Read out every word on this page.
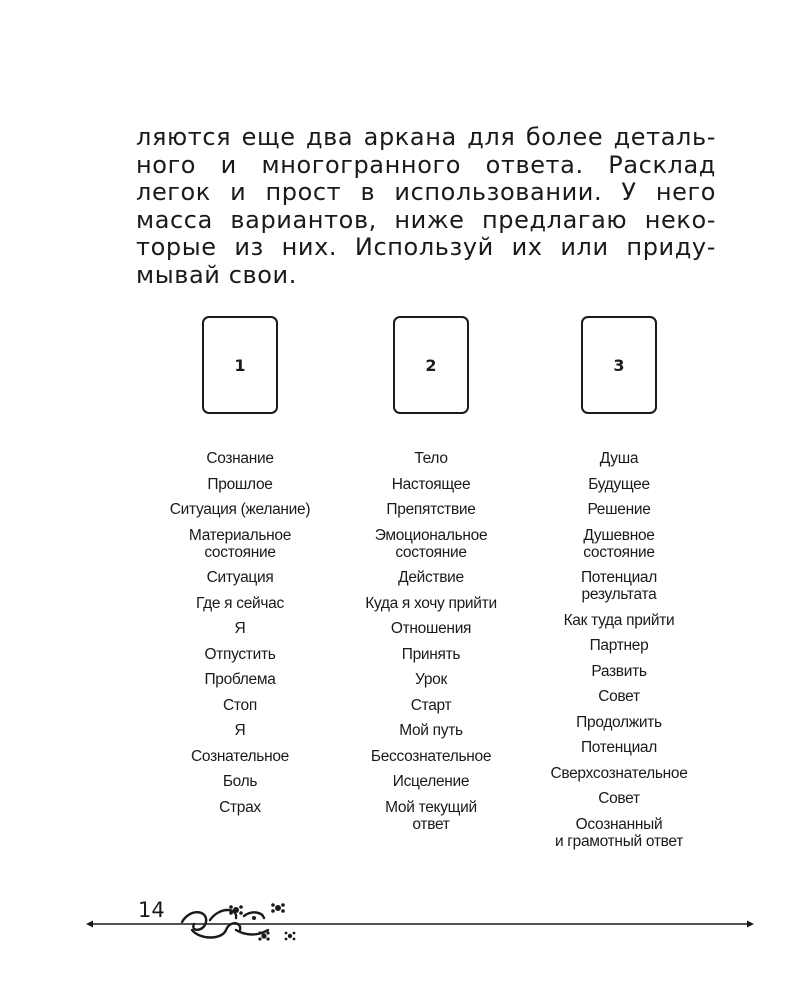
ляются еще два аркана для более деталь-
ного и многогранного ответа. Расклад
легок и прост в использовании. У него
масса вариантов, ниже предлагаю неко-
торые из них. Используй их или приду-
мывай свои.

1
Сознание
Прошлое
Ситуация (желание)
Материальное
состояние
Ситуация
Где я сейчас
Я
Отпустить
Проблема
Стоп
Я
Сознательное
Боль
Страх
2
Тело
Настоящее
Препятствие
Эмоциональное
состояние
Действие
Куда я хочу прийти
Отношения
Принять
Урок
Старт
Мой путь
Бессознательное
Исцеление
Мой текущий
ответ
3
Душа
Будущее
Решение
Душевное
состояние
Потенциал
результата
Как туда прийти
Партнер
Развить
Совет
Продолжить
Потенциал
Сверхсознательное
Совет
Осознанный
и грамотный ответ
14
